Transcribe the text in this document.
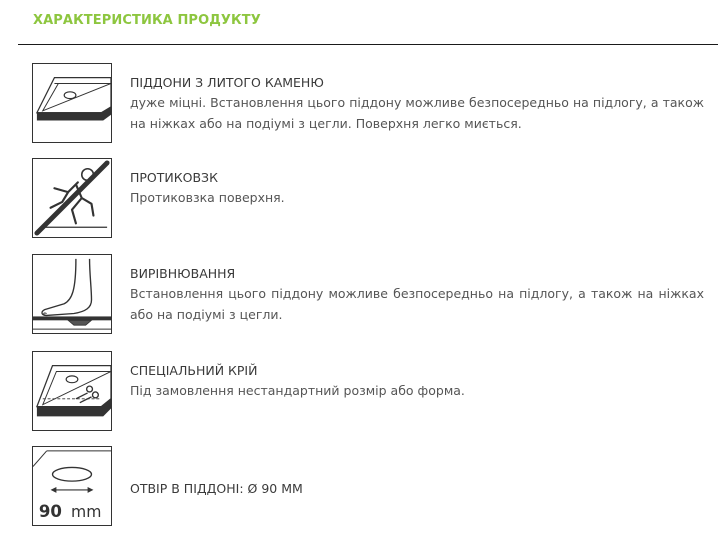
ХАРАКТЕРИСТИКА ПРОДУКТУ
ПІДДОНИ З ЛИТОГО КАМЕНЮ
дуже міцні. Встановлення цього піддону можливе безпосередньо на підлогу, а також на ніжках або на подіумі з цегли. Поверхня легко миється.
ПРОТИКОВЗК
Протиковзка поверхня.
ВИРІВНЮВАННЯ
Встановлення цього піддону можливе безпосередньо на підлогу, а також на ніжках або на подіумі з цегли.
СПЕЦІАЛЬНИЙ КРІЙ
Під замовлення нестандартний розмір або форма.
90 mm
ОТВІР В ПІДДОНІ: Ø 90 ММ
